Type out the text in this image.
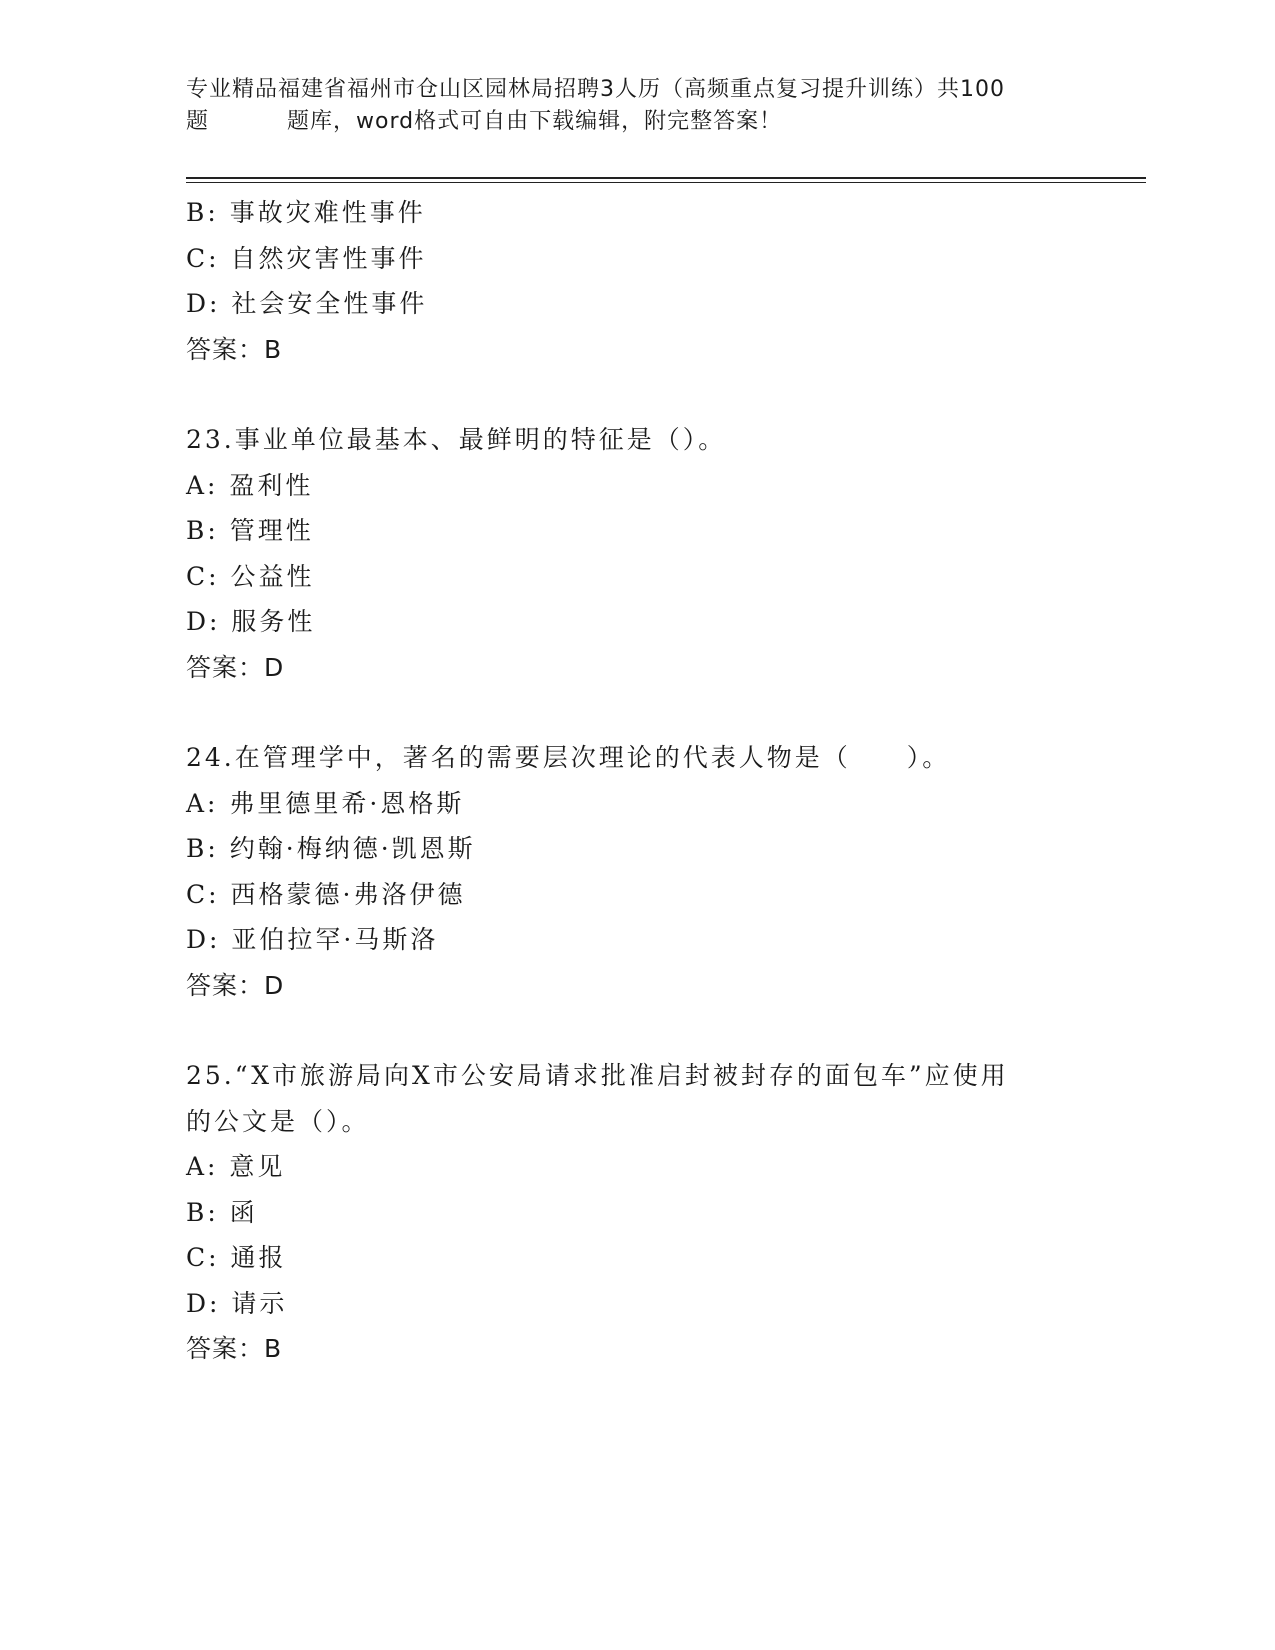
专业精品福建省福州市仓山区园林局招聘3人历（高频重点复习提升训练）共100
题	题库，word格式可自由下载编辑，附完整答案！
B: 事故灾难性事件
C: 自然灾害性事件
D: 社会安全性事件
答案：B
23.事业单位最基本、最鲜明的特征是（）。
A: 盈利性
B: 管理性
C: 公益性
D: 服务性
答案：D
24.在管理学中，著名的需要层次理论的代表人物是（　　）。
A: 弗里德里希·恩格斯
B: 约翰·梅纳德·凯恩斯
C: 西格蒙德·弗洛伊德
D: 亚伯拉罕·马斯洛
答案：D
25.“X市旅游局向X市公安局请求批准启封被封存的面包车”应使用
的公文是（）。
A: 意见
B: 函
C: 通报
D: 请示
答案：B
